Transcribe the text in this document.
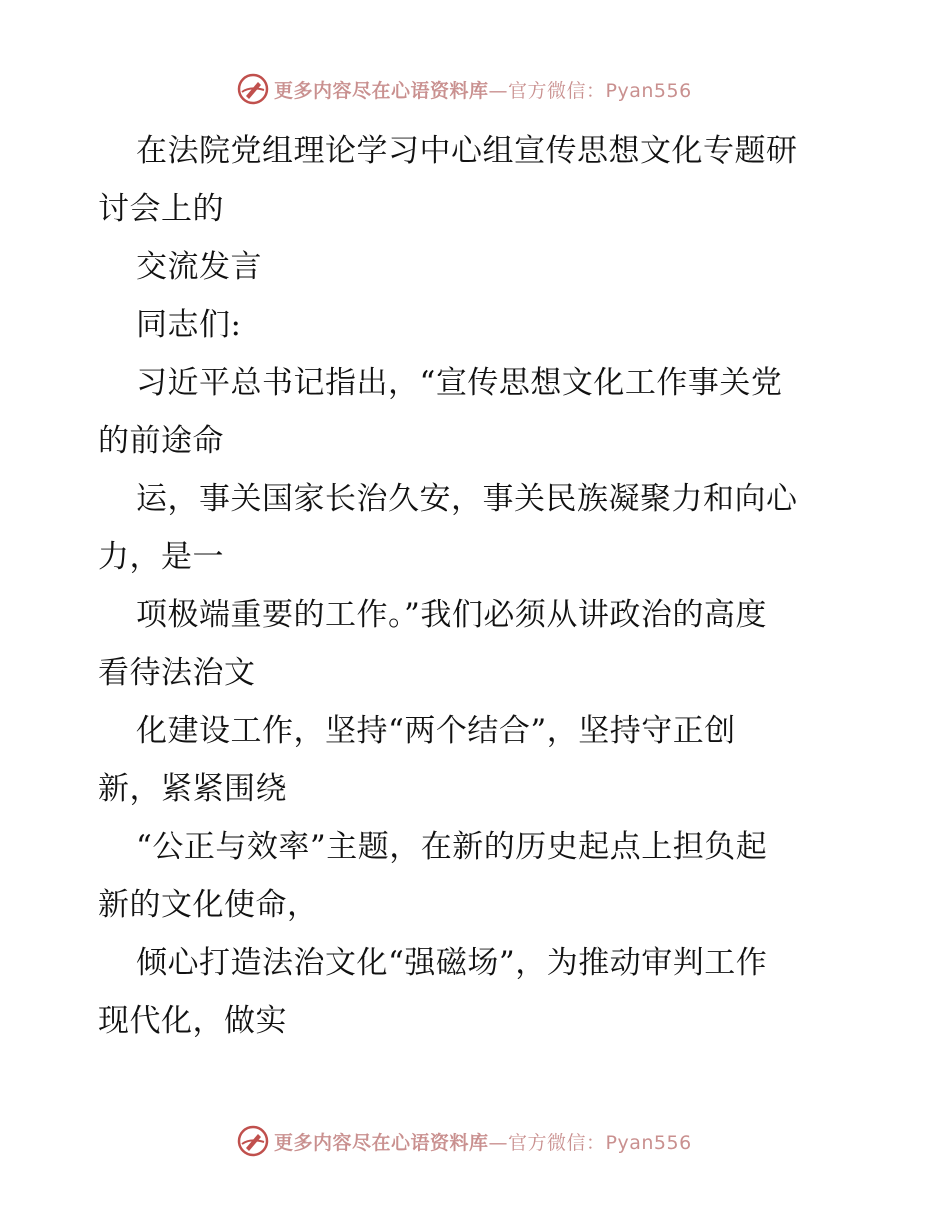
更多内容尽在心语资料库—官方微信：Pyan556
在法院党组理论学习中心组宣传思想文化专题研
讨会上的
交流发言
同志们:
习近平总书记指出，“宣传思想文化工作事关党
的前途命
运，事关国家长治久安，事关民族凝聚力和向心
力，是一
项极端重要的工作。”我们必须从讲政治的高度
看待法治文
化建设工作，坚持“两个结合”，坚持守正创
新，紧紧围绕
“公正与效率”主题，在新的历史起点上担负起
新的文化使命，
倾心打造法治文化“强磁场”，为推动审判工作
现代化，做实
更多内容尽在心语资料库—官方微信：Pyan556
